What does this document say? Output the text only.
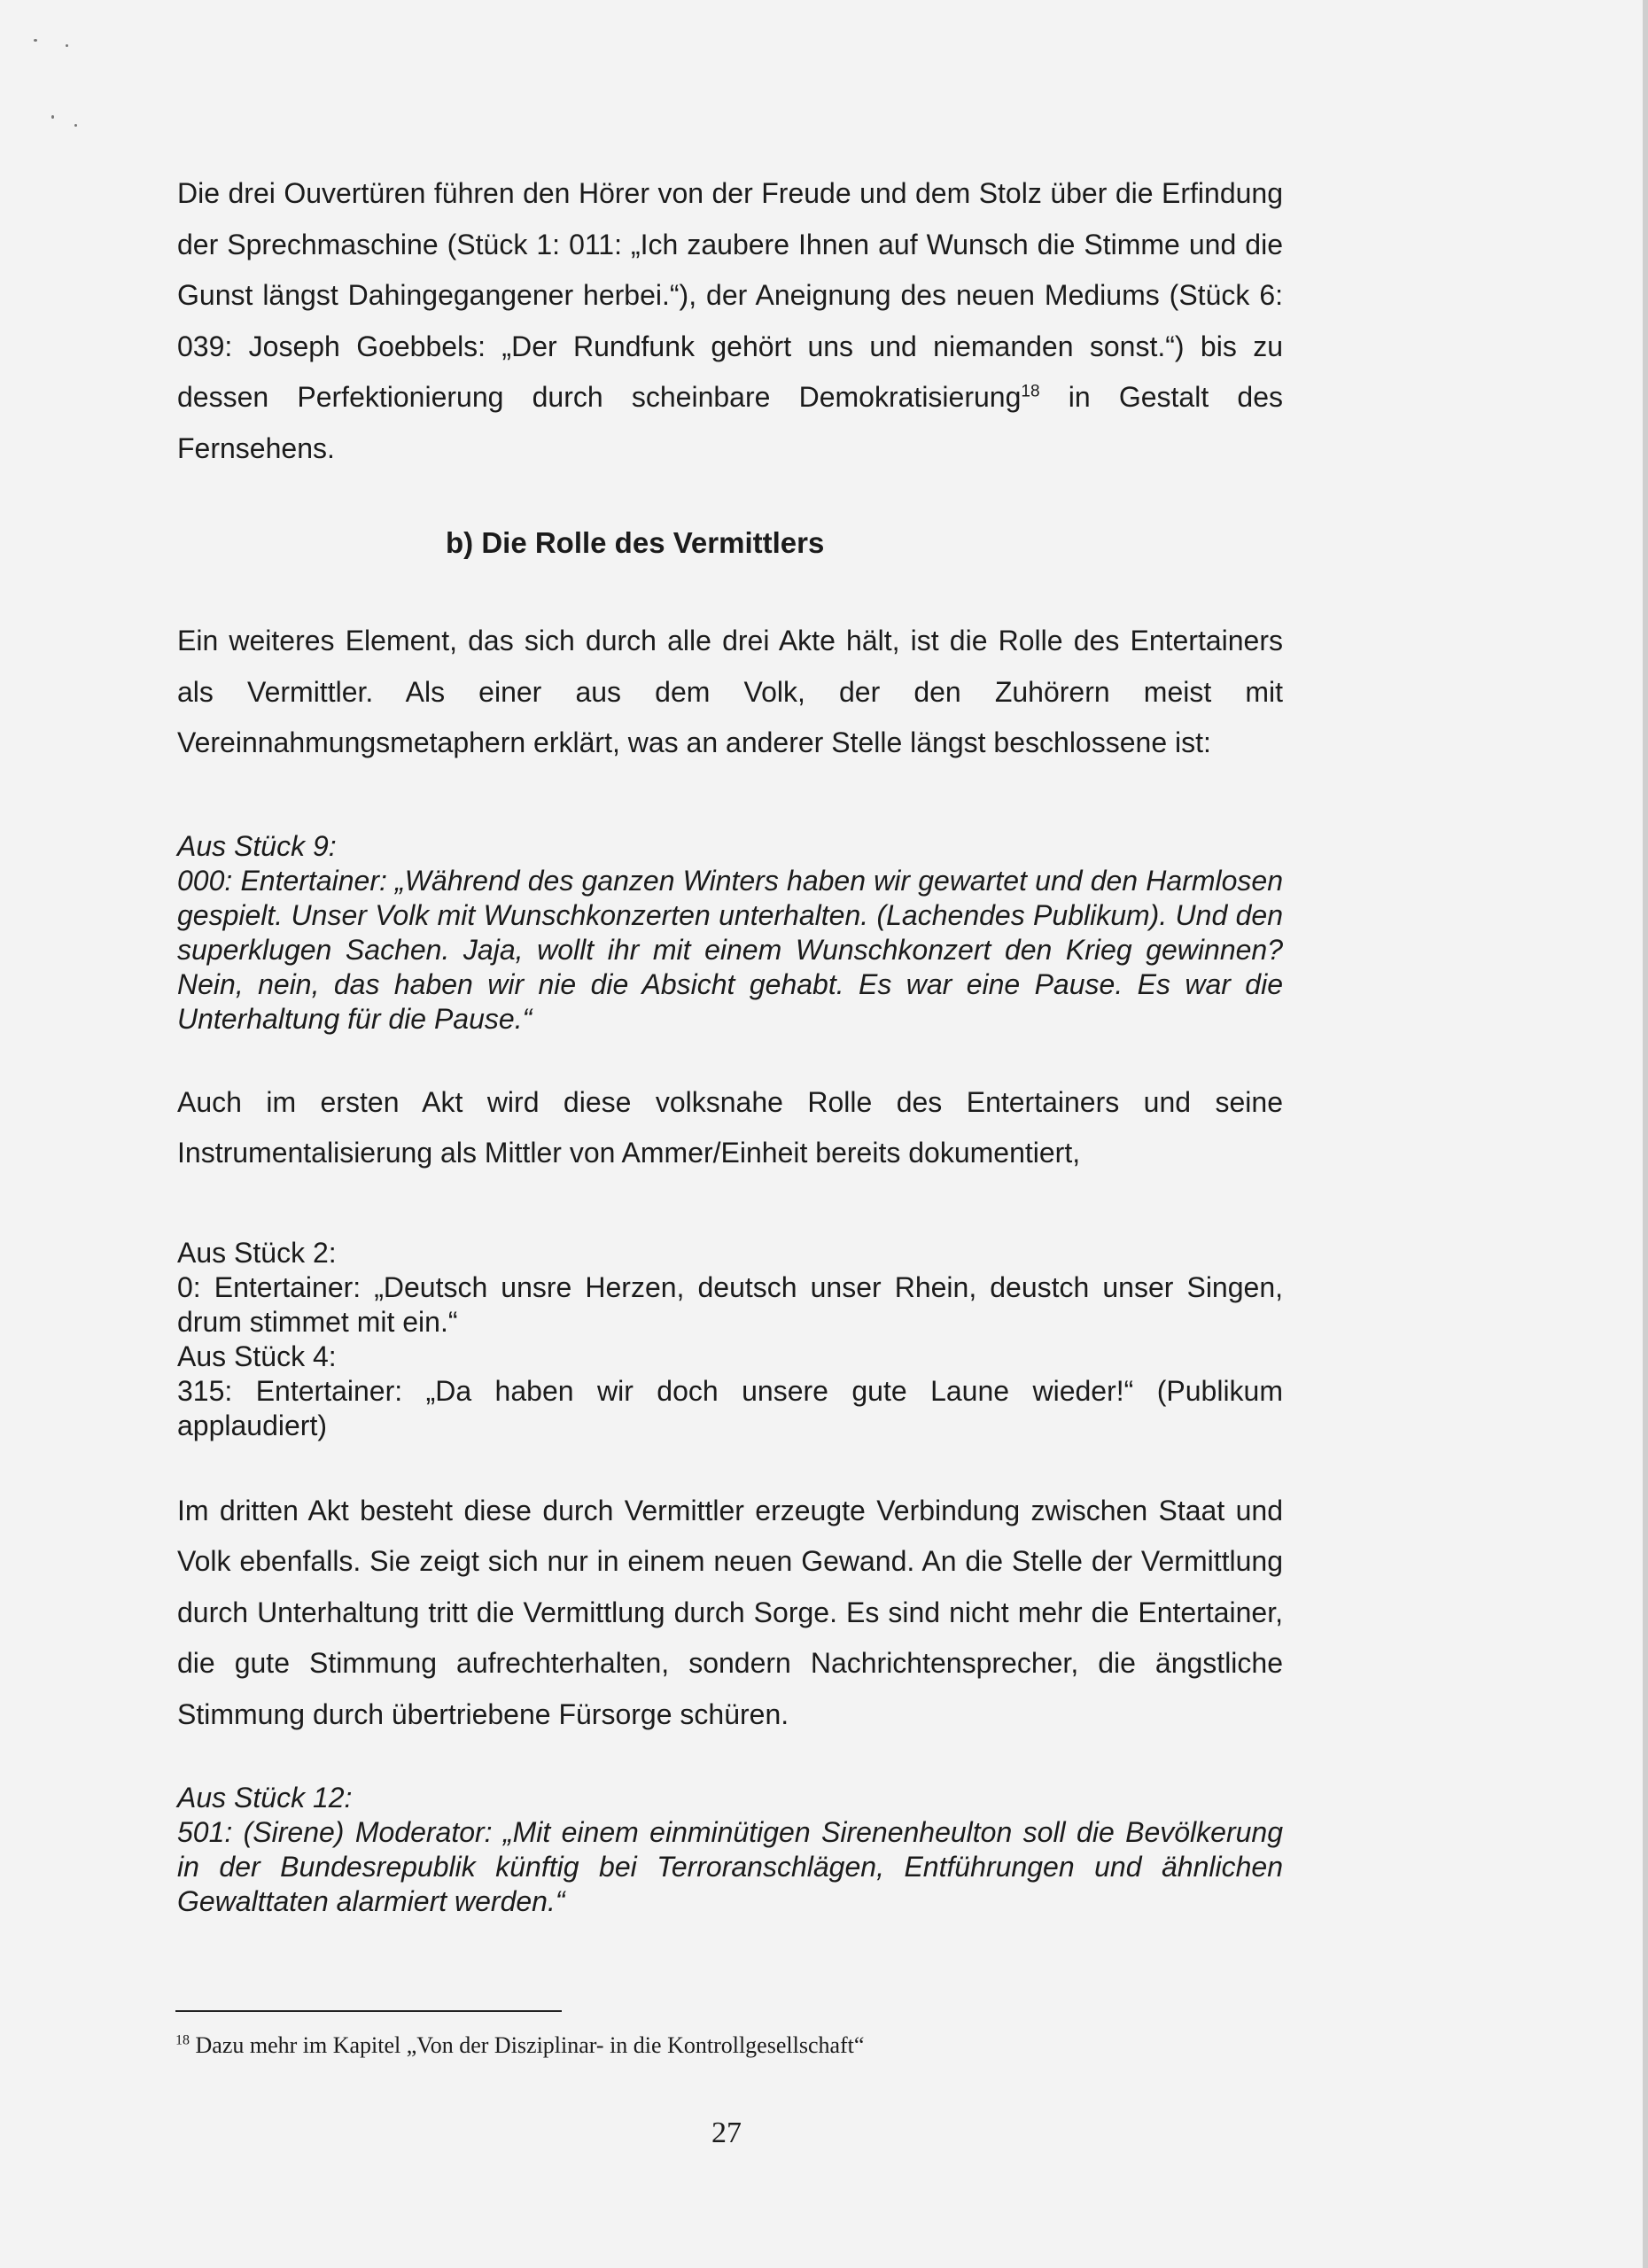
Die drei Ouvertüren führen den Hörer von der Freude und dem Stolz über die Erfindung der Sprechmaschine (Stück 1: 011: „Ich zaubere Ihnen auf Wunsch die Stimme und die Gunst längst Dahingegangener herbei.“), der Aneignung des neuen Mediums (Stück 6: 039: Joseph Goebbels: „Der Rundfunk gehört uns und niemanden sonst.“) bis zu dessen Perfektionierung durch scheinbare Demokratisierung$^{18}$ in Gestalt des Fernsehens.

b) Die Rolle des Vermittlers

Ein weiteres Element, das sich durch alle drei Akte hält, ist die Rolle des Entertainers als Vermittler. Als einer aus dem Volk, der den Zuhörern meist mit Vereinnahmungsmetaphern erklärt, was an anderer Stelle längst beschlossene ist:

Aus Stück 9:
000: Entertainer: „Während des ganzen Winters haben wir gewartet und den Harmlosen gespielt. Unser Volk mit Wunschkonzerten unterhalten. (Lachendes Publikum). Und den superklugen Sachen. Jaja, wollt ihr mit einem Wunschkonzert den Krieg gewinnen? Nein, nein, das haben wir nie die Absicht gehabt. Es war eine Pause. Es war die Unterhaltung für die Pause.“

Auch im ersten Akt wird diese volksnahe Rolle des Entertainers und seine Instrumentalisierung als Mittler von Ammer/Einheit bereits dokumentiert,

Aus Stück 2:
0: Entertainer: „Deutsch unsre Herzen, deutsch unser Rhein, deustch unser Singen, drum stimmet mit ein.“
Aus Stück 4:
315: Entertainer: „Da haben wir doch unsere gute Laune wieder!“ (Publikum applaudiert)

Im dritten Akt besteht diese durch Vermittler erzeugte Verbindung zwischen Staat und Volk ebenfalls. Sie zeigt sich nur in einem neuen Gewand. An die Stelle der Vermittlung durch Unterhaltung tritt die Vermittlung durch Sorge. Es sind nicht mehr die Entertainer, die gute Stimmung aufrechterhalten, sondern Nachrichtensprecher, die ängstliche Stimmung durch übertriebene Fürsorge schüren.

Aus Stück 12:
501: (Sirene) Moderator: „Mit einem einminütigen Sirenenheulton soll die Bevölkerung in der Bundesrepublik künftig bei Terroranschlägen, Entführungen und ähnlichen Gewalttaten alarmiert werden.“
$^{18}$ Dazu mehr im Kapitel „Von der Disziplinar- in die Kontrollgesellschaft“
27
